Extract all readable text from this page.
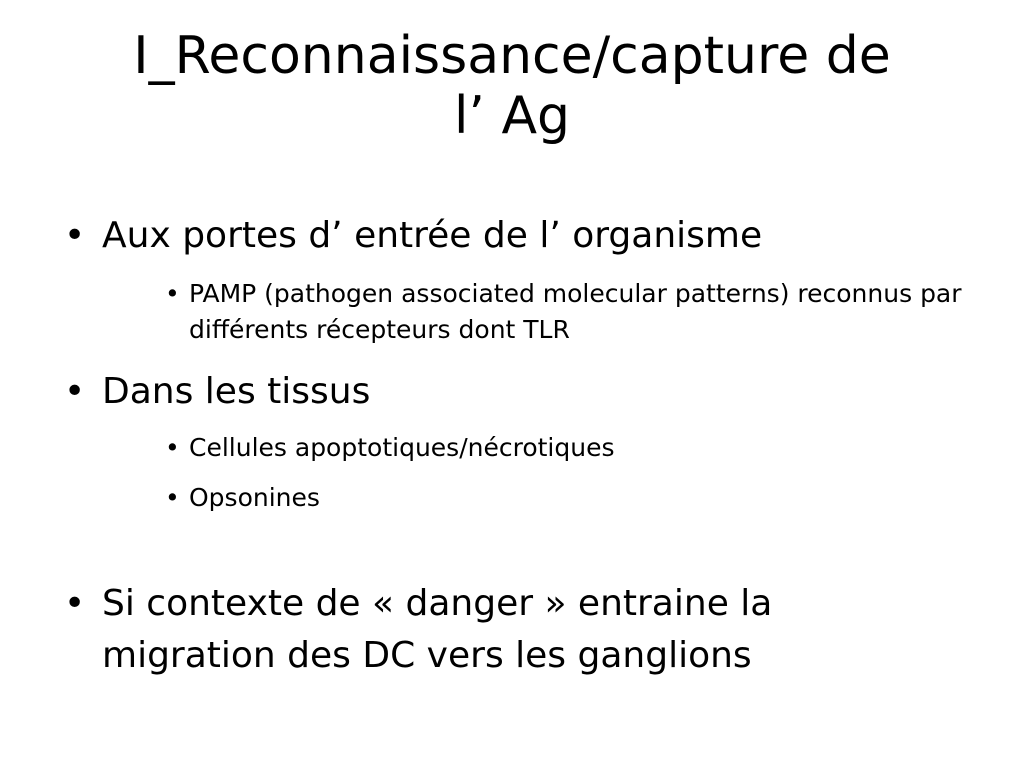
I_Reconnaissance/capture de
l’ Ag
• Aux portes d’ entrée de l’ organisme
• PAMP (pathogen associated molecular patterns) reconnus par différents récepteurs dont TLR
• Dans les tissus
• Cellules apoptotiques/nécrotiques
• Opsonines
• Si contexte de « danger » entraine la migration des DC vers les ganglions
